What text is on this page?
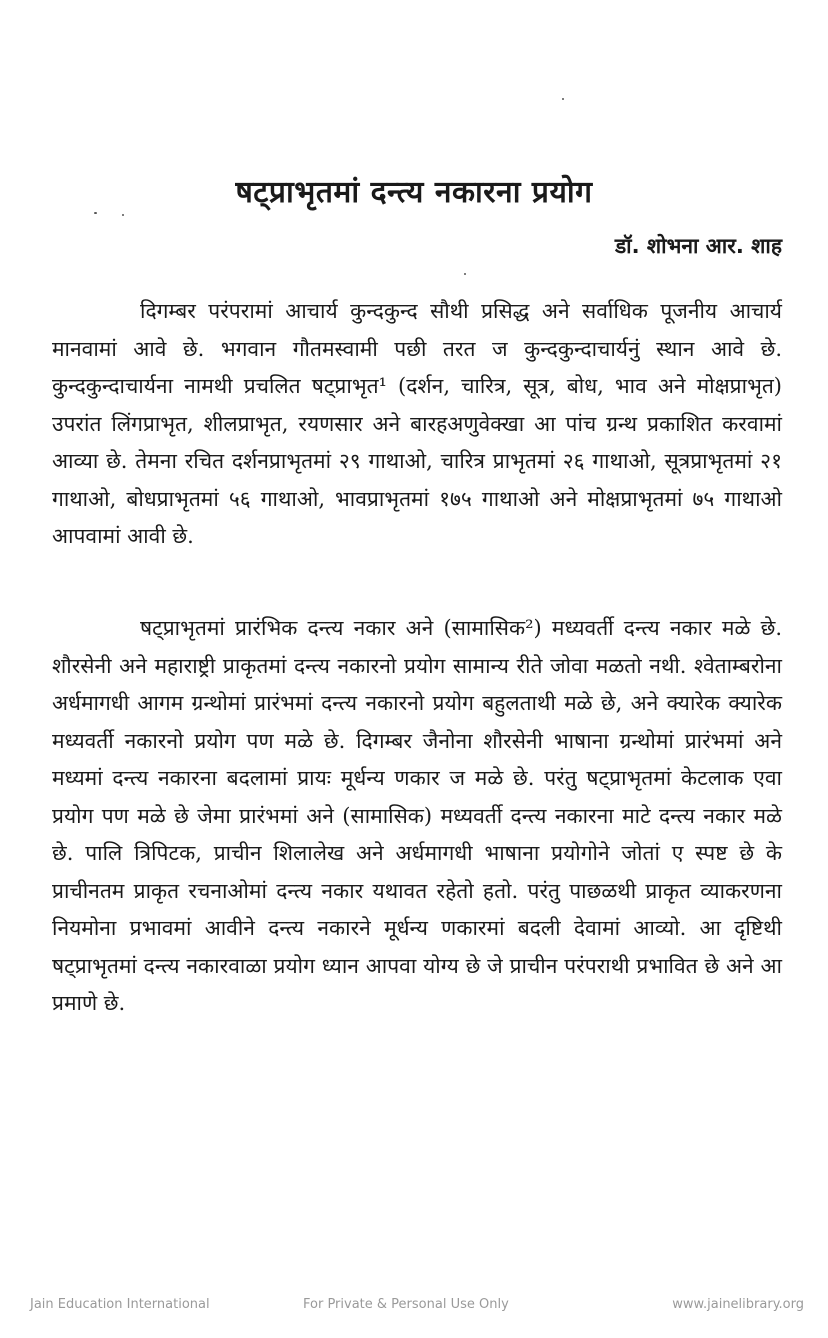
षट्प्राभृतमां दन्त्य नकारना प्रयोग

डॉ. शोभना आर. शाह

दिगम्बर परंपरामां आचार्य कुन्दकुन्द सौथी प्रसिद्ध अने सर्वाधिक पूजनीय आचार्य मानवामां आवे छे. भगवान गौतमस्वामी पछी तरत ज कुन्दकुन्दाचार्यनुं स्थान आवे छे. कुन्दकुन्दाचार्यना नामथी प्रचलित षट्प्राभृत¹ (दर्शन, चारित्र, सूत्र, बोध, भाव अने मोक्षप्राभृत) उपरांत लिंगप्राभृत, शीलप्राभृत, रयणसार अने बारहअणुवेक्खा आ पांच ग्रन्थ प्रकाशित करवामां आव्या छे. तेमना रचित दर्शनप्राभृतमां २९ गाथाओ, चारित्र प्राभृतमां २६ गाथाओ, सूत्रप्राभृतमां २१ गाथाओ, बोधप्राभृतमां ५६ गाथाओ, भावप्राभृतमां १७५ गाथाओ अने मोक्षप्राभृतमां ७५ गाथाओ आपवामां आवी छे.

षट्प्राभृतमां प्रारंभिक दन्त्य नकार अने (सामासिक²) मध्यवर्ती दन्त्य नकार मळे छे. शौरसेनी अने महाराष्ट्री प्राकृतमां दन्त्य नकारनो प्रयोग सामान्य रीते जोवा मळतो नथी. श्वेताम्बरोना अर्धमागधी आगम ग्रन्थोमां प्रारंभमां दन्त्य नकारनो प्रयोग बहुलताथी मळे छे, अने क्यारेक क्यारेक मध्यवर्ती नकारनो प्रयोग पण मळे छे. दिगम्बर जैनोना शौरसेनी भाषाना ग्रन्थोमां प्रारंभमां अने मध्यमां दन्त्य नकारना बदलामां प्रायः मूर्धन्य णकार ज मळे छे. परंतु षट्प्राभृतमां केटलाक एवा प्रयोग पण मळे छे जेमा प्रारंभमां अने (सामासिक) मध्यवर्ती दन्त्य नकारना माटे दन्त्य नकार मळे छे. पालि त्रिपिटक, प्राचीन शिलालेख अने अर्धमागधी भाषाना प्रयोगोने जोतां ए स्पष्ट छे के प्राचीनतम प्राकृत रचनाओमां दन्त्य नकार यथावत रहेतो हतो. परंतु पाछळथी प्राकृत व्याकरणना नियमोना प्रभावमां आवीने दन्त्य नकारने मूर्धन्य णकारमां बदली देवामां आव्यो. आ दृष्टिथी षट्प्राभृतमां दन्त्य नकारवाळा प्रयोग ध्यान आपवा योग्य छे जे प्राचीन परंपराथी प्रभावित छे अने आ प्रमाणे छे.

Jain Education International	For Private & Personal Use Only	www.jainelibrary.org
